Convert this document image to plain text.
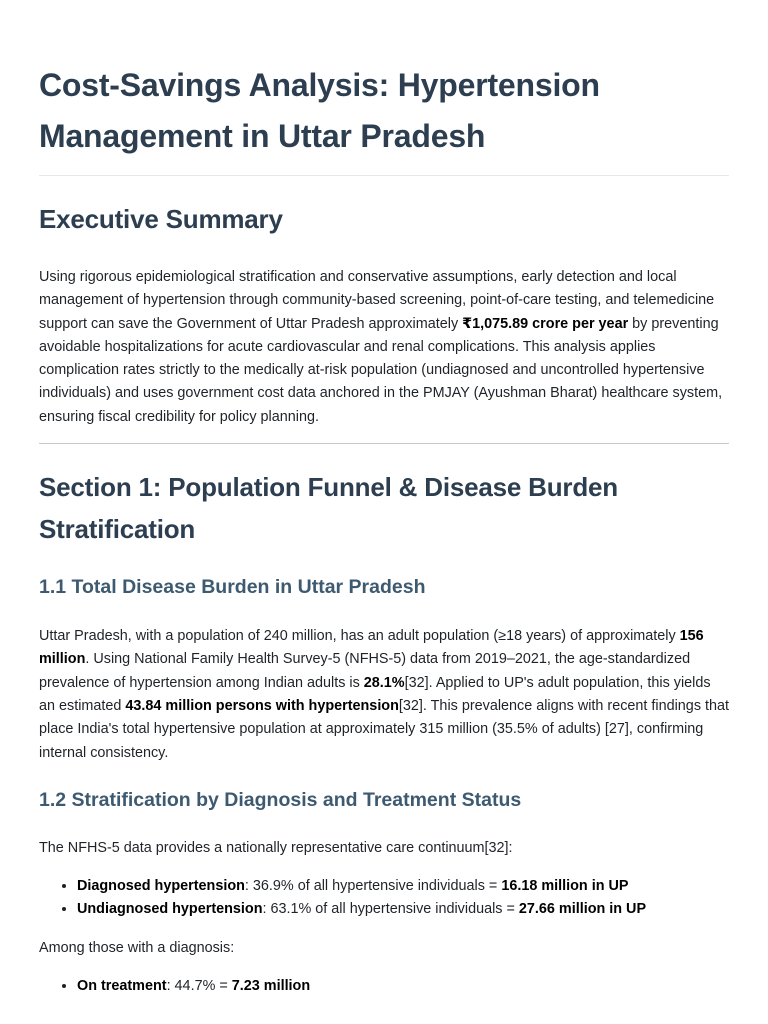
Cost-Savings Analysis: Hypertension Management in Uttar Pradesh
Executive Summary

Using rigorous epidemiological stratification and conservative assumptions, early detection and local management of hypertension through community-based screening, point-of-care testing, and telemedicine support can save the Government of Uttar Pradesh approximately ₹1,075.89 crore per year by preventing avoidable hospitalizations for acute cardiovascular and renal complications. This analysis applies complication rates strictly to the medically at-risk population (undiagnosed and uncontrolled hypertensive individuals) and uses government cost data anchored in the PMJAY (Ayushman Bharat) healthcare system, ensuring fiscal credibility for policy planning.

Section 1: Population Funnel & Disease Burden Stratification
1.1 Total Disease Burden in Uttar Pradesh

Uttar Pradesh, with a population of 240 million, has an adult population (≥18 years) of approximately 156 million. Using National Family Health Survey-5 (NFHS-5) data from 2019–2021, the age-standardized prevalence of hypertension among Indian adults is 28.1%[32]. Applied to UP's adult population, this yields an estimated 43.84 million persons with hypertension[32]. This prevalence aligns with recent findings that place India's total hypertensive population at approximately 315 million (35.5% of adults) [27], confirming internal consistency.

1.2 Stratification by Diagnosis and Treatment Status

The NFHS-5 data provides a nationally representative care continuum[32]:

• Diagnosed hypertension: 36.9% of all hypertensive individuals = 16.18 million in UP
• Undiagnosed hypertension: 63.1% of all hypertensive individuals = 27.66 million in UP

Among those with a diagnosis:

• On treatment: 44.7% = 7.23 million
